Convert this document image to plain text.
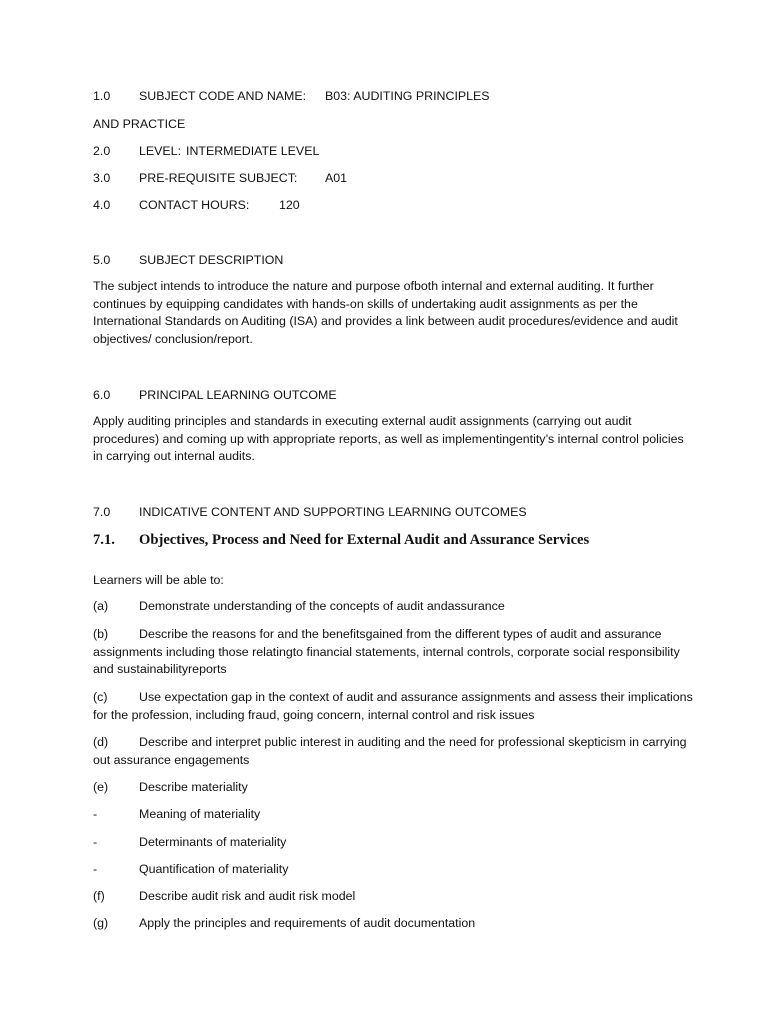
1.0 SUBJECT CODE AND NAME: B03: AUDITING PRINCIPLES
AND PRACTICE
2.0 LEVEL: INTERMEDIATE LEVEL
3.0 PRE-REQUISITE SUBJECT: A01
4.0 CONTACT HOURS: 120
5.0 SUBJECT DESCRIPTION
The subject intends to introduce the nature and purpose ofboth internal and external auditing. It further continues by equipping candidates with hands-on skills of undertaking audit assignments as per the International Standards on Auditing (ISA) and provides a link between audit procedures/evidence and audit objectives/ conclusion/report.
6.0 PRINCIPAL LEARNING OUTCOME
Apply auditing principles and standards in executing external audit assignments (carrying out audit procedures) and coming up with appropriate reports, as well as implementingentity’s internal control policies in carrying out internal audits.
7.0 INDICATIVE CONTENT AND SUPPORTING LEARNING OUTCOMES
7.1. Objectives, Process and Need for External Audit and Assurance Services
Learners will be able to:
(a) Demonstrate understanding of the concepts of audit andassurance
(b) Describe the reasons for and the benefitsgained from the different types of audit and assurance assignments including those relatingto financial statements, internal controls, corporate social responsibility and sustainabilityreports
(c)	Use expectation gap in the context of audit and assurance assignments and assess their implications for the profession, including fraud, going concern, internal control and risk issues
(d) Describe and interpret public interest in auditing and the need for professional skepticism in carrying out assurance engagements
(e) Describe materiality
-	Meaning of materiality
-	Determinants of materiality
-	Quantification of materiality
(f)	Describe audit risk and audit risk model
(g) Apply the principles and requirements of audit documentation
